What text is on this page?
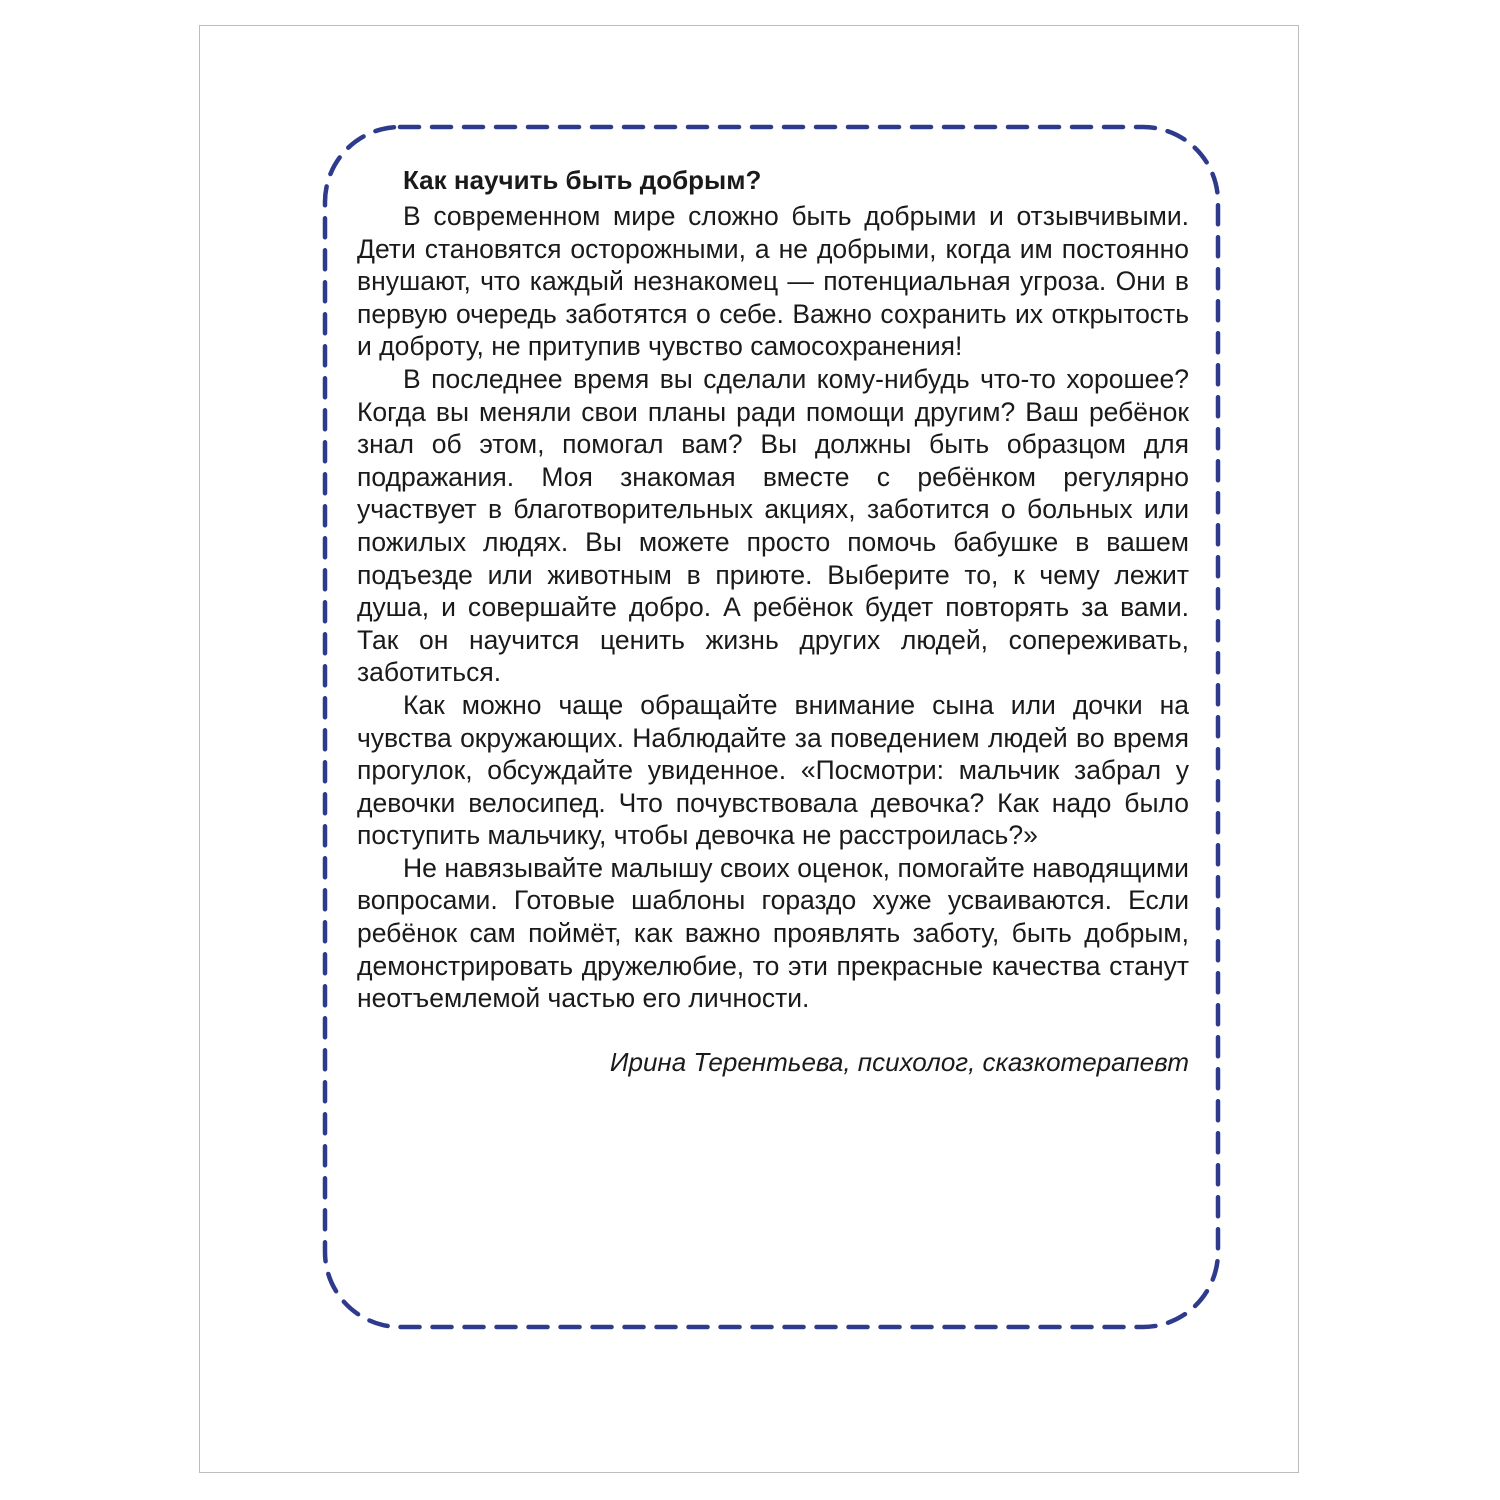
Как научить быть добрым?

В современном мире сложно быть добрыми и отзывчивыми. Дети становятся осторожными, а не добрыми, когда им постоянно внушают, что каждый незнакомец — потенциальная угроза. Они в первую очередь заботятся о себе. Важно сохранить их открытость и доброту, не притупив чувство самосохранения!

В последнее время вы сделали кому-нибудь что-то хорошее? Когда вы меняли свои планы ради помощи другим? Ваш ребёнок знал об этом, помогал вам? Вы должны быть образцом для подражания. Моя знакомая вместе с ребёнком регулярно участвует в благотворительных акциях, заботится о больных или пожилых людях. Вы можете просто помочь бабушке в вашем подъезде или животным в приюте. Выберите то, к чему лежит душа, и совершайте добро. А ребёнок будет повторять за вами. Так он научится ценить жизнь других людей, сопереживать, заботиться.

Как можно чаще обращайте внимание сына или дочки на чувства окружающих. Наблюдайте за поведением людей во время прогулок, обсуждайте увиденное. «Посмотри: мальчик забрал у девочки велосипед. Что почувствовала девочка? Как надо было поступить мальчику, чтобы девочка не расстроилась?»

Не навязывайте малышу своих оценок, помогайте наводящими вопросами. Готовые шаблоны гораздо хуже усваиваются. Если ребёнок сам поймёт, как важно проявлять заботу, быть добрым, демонстрировать дружелюбие, то эти прекрасные качества станут неотъемлемой частью его личности.

Ирина Терентьева, психолог, сказкотерапевт
